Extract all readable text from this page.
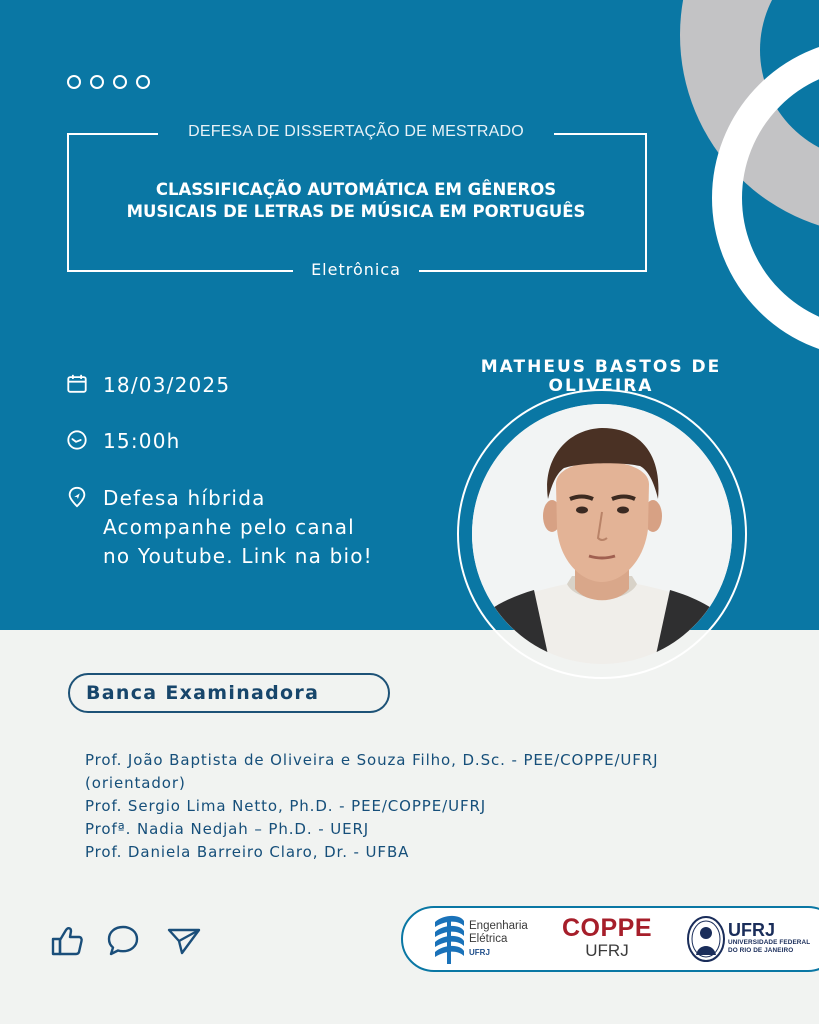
DEFESA DE DISSERTAÇÃO DE MESTRADO
CLASSIFICAÇÃO AUTOMÁTICA EM GÊNEROS
MUSICAIS DE LETRAS DE MÚSICA EM PORTUGUÊS
Eletrônica
18/03/2025
15:00h
Defesa híbrida
Acompanhe pelo canal
no Youtube. Link na bio!
MATHEUS BASTOS DE
OLIVEIRA
Banca Examinadora
Prof. João Baptista de Oliveira e Souza Filho, D.Sc. - PEE/COPPE/UFRJ
(orientador)
Prof. Sergio Lima Netto, Ph.D. - PEE/COPPE/UFRJ
Profª. Nadia Nedjah – Ph.D. - UERJ
Prof. Daniela Barreiro Claro, Dr. - UFBA
Engenharia
Elétrica
UFRJ
COPPE
UFRJ
UFRJ
UNIVERSIDADE FEDERAL
DO RIO DE JANEIRO
